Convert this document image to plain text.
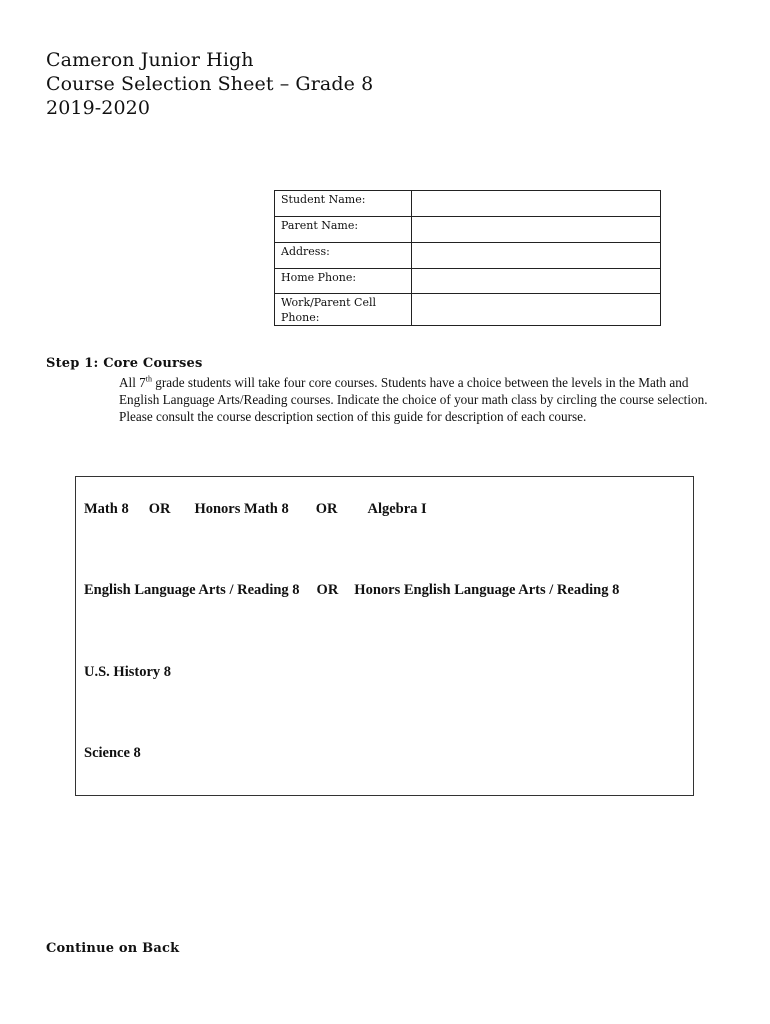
Cameron Junior High
Course Selection Sheet – Grade 8
2019-2020
Student Name:	
Parent Name:	
Address:	
Home Phone:	
Work/Parent Cell Phone:	
Step 1: Core Courses
All 7th grade students will take four core courses. Students have a choice between the levels in the Math and English Language Arts/Reading courses. Indicate the choice of your math class by circling the course selection. Please consult the course description section of this guide for description of each course.
Math 8 OR Honors Math 8 OR Algebra I
English Language Arts / Reading 8 OR Honors English Language Arts / Reading 8
U.S. History 8
Science 8
Continue on Back
